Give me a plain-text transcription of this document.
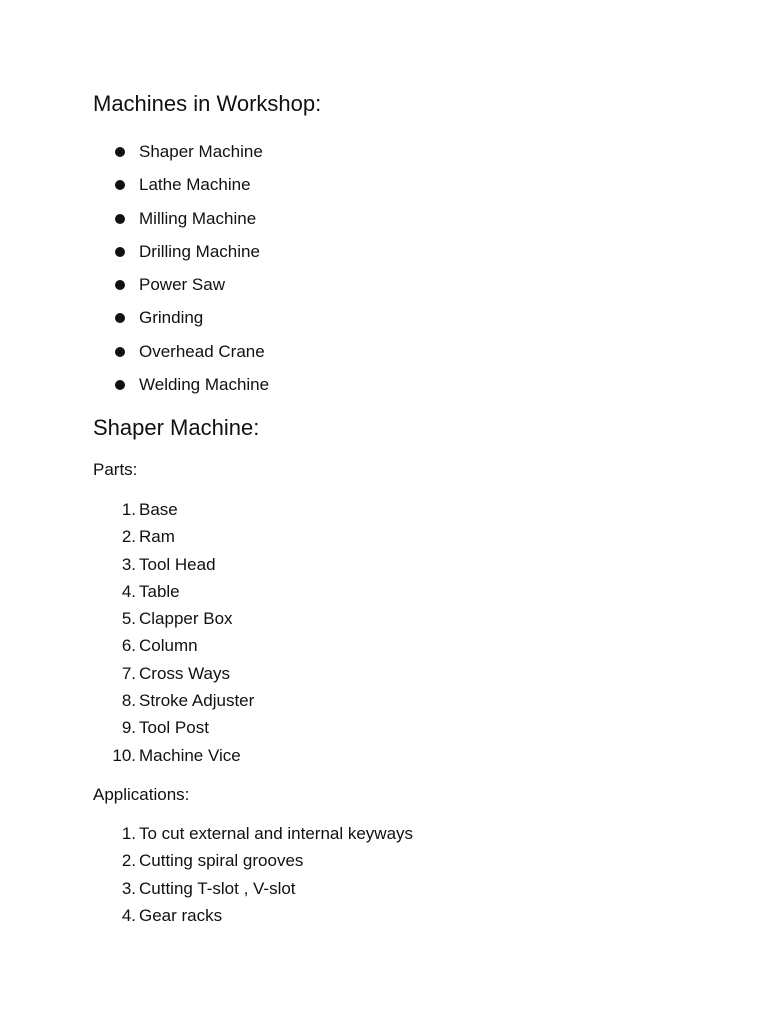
Machines in Workshop:
Shaper Machine
Lathe Machine
Milling Machine
Drilling Machine
Power Saw
Grinding
Overhead Crane
Welding Machine
Shaper Machine:

Parts:

1. Base
2. Ram
3. Tool Head
4. Table
5. Clapper Box
6. Column
7. Cross Ways
8. Stroke Adjuster
9. Tool Post
10. Machine Vice

Applications:

1. To cut external and internal keyways
2. Cutting spiral grooves
3. Cutting T-slot , V-slot
4. Gear racks
